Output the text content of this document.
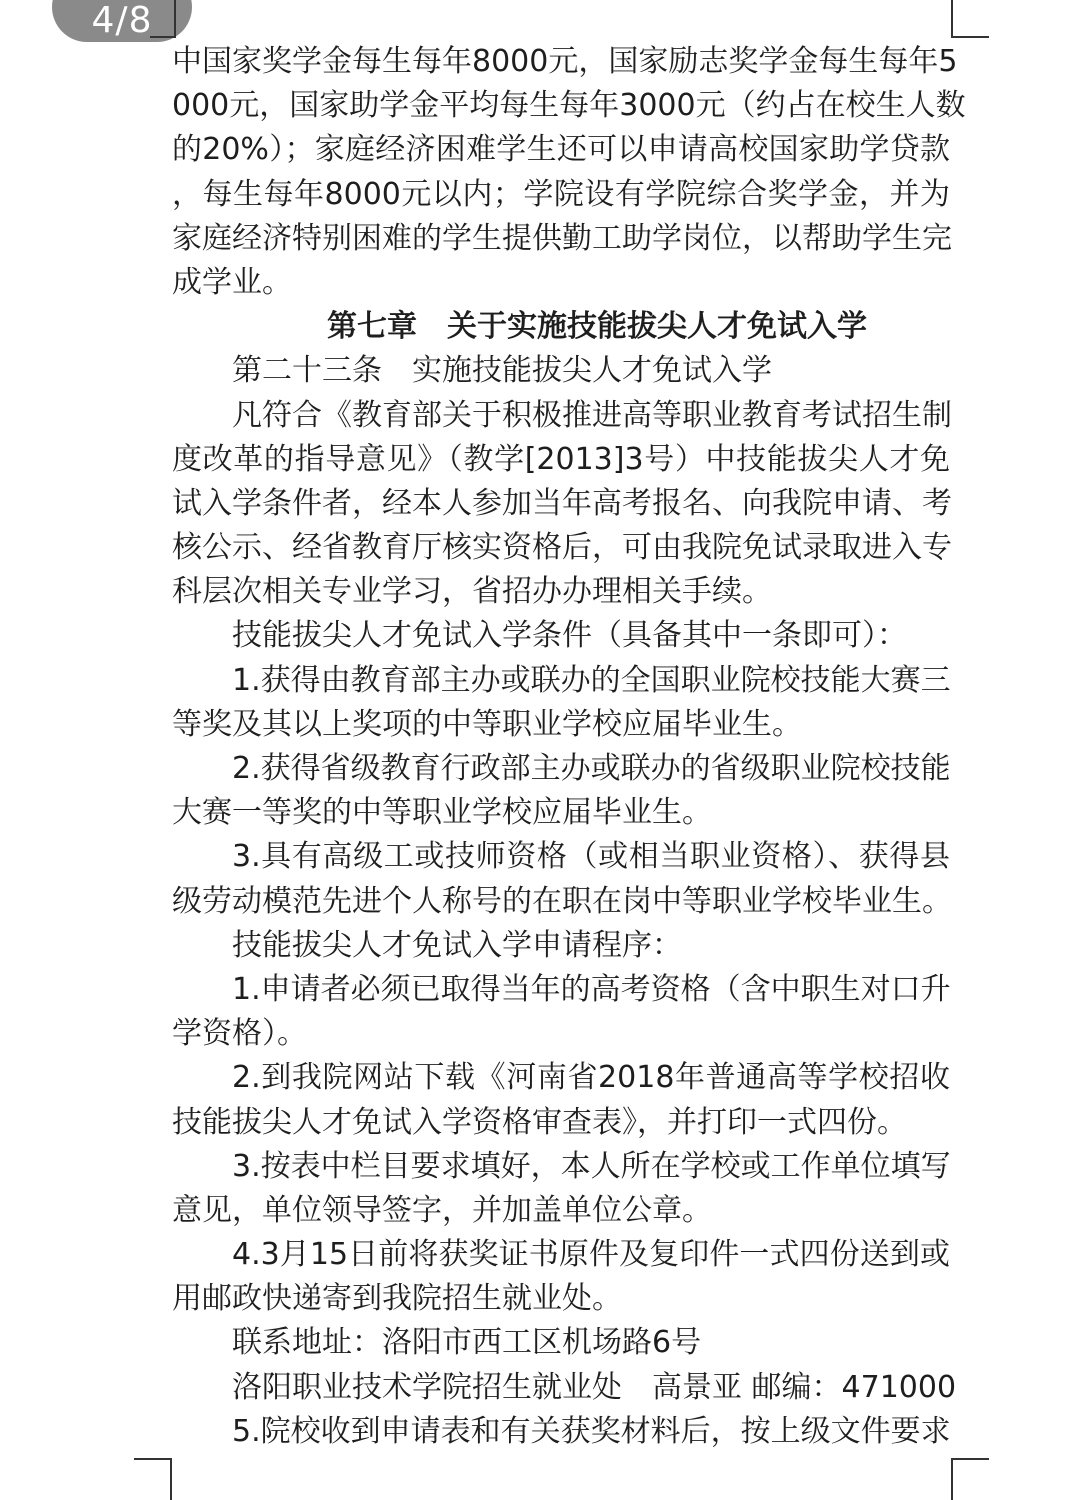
4/8
中国家奖学金每生每年8000元，国家励志奖学金每生每年5
000元，国家助学金平均每生每年3000元（约占在校生人数
的20%）；家庭经济困难学生还可以申请高校国家助学贷款
，每生每年8000元以内；学院设有学院综合奖学金，并为
家庭经济特别困难的学生提供勤工助学岗位，以帮助学生完
成学业。
第七章　关于实施技能拔尖人才免试入学
第二十三条　实施技能拔尖人才免试入学
凡符合《教育部关于积极推进高等职业教育考试招生制
度改革的指导意见》（教学[2013]3号）中技能拔尖人才免
试入学条件者，经本人参加当年高考报名、向我院申请、考
核公示、经省教育厅核实资格后，可由我院免试录取进入专
科层次相关专业学习，省招办办理相关手续。
技能拔尖人才免试入学条件（具备其中一条即可）：
1.获得由教育部主办或联办的全国职业院校技能大赛三
等奖及其以上奖项的中等职业学校应届毕业生。
2.获得省级教育行政部主办或联办的省级职业院校技能
大赛一等奖的中等职业学校应届毕业生。
3.具有高级工或技师资格（或相当职业资格）、获得县
级劳动模范先进个人称号的在职在岗中等职业学校毕业生。
技能拔尖人才免试入学申请程序：
1.申请者必须已取得当年的高考资格（含中职生对口升
学资格）。
2.到我院网站下载《河南省2018年普通高等学校招收
技能拔尖人才免试入学资格审查表》，并打印一式四份。
3.按表中栏目要求填好，本人所在学校或工作单位填写
意见，单位领导签字，并加盖单位公章。
4.3月15日前将获奖证书原件及复印件一式四份送到或
用邮政快递寄到我院招生就业处。
联系地址：洛阳市西工区机场路6号
洛阳职业技术学院招生就业处　高景亚 邮编：471000
5.院校收到申请表和有关获奖材料后，按上级文件要求
